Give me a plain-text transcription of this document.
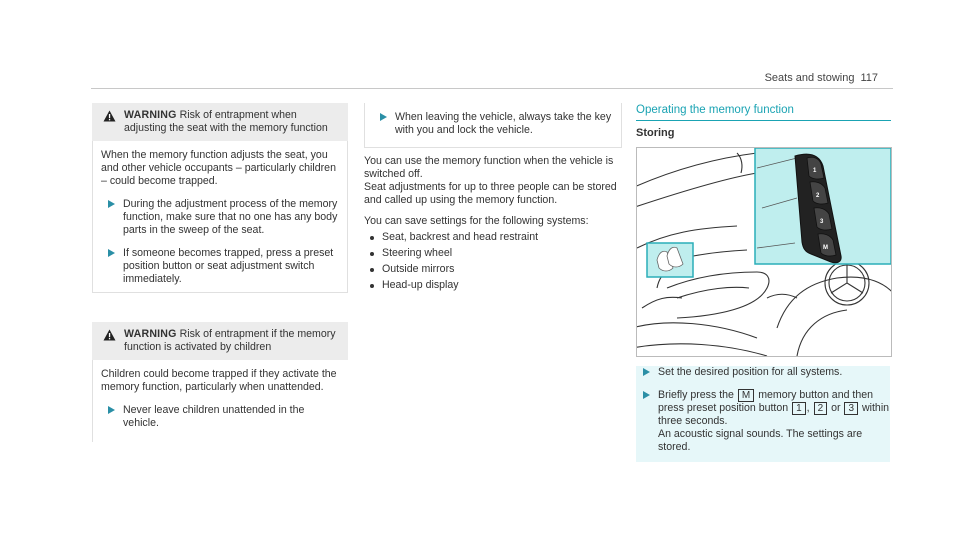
Seats and stowing 117
WARNING Risk of entrapment when adjusting the seat with the memory function
When the memory function adjusts the seat, you and other vehicle occupants – particularly children – could become trapped.
During the adjustment process of the memory function, make sure that no one has any body parts in the sweep of the seat.
If someone becomes trapped, press a preset position button or seat adjustment switch immediately.
WARNING Risk of entrapment if the memory function is activated by children
Children could become trapped if they activate the memory function, particularly when unattended.
Never leave children unattended in the vehicle.
When leaving the vehicle, always take the key with you and lock the vehicle.
You can use the memory function when the vehicle is switched off.
Seat adjustments for up to three people can be stored and called up using the memory function.
You can save settings for the following systems:
Seat, backrest and head restraint
Steering wheel
Outside mirrors
Head-up display
Operating the memory function
Storing
1
2
3
M
Set the desired position for all systems.
Briefly press the M memory button and then press preset position button 1 , 2 or 3 within three seconds.
An acoustic signal sounds. The settings are stored.
